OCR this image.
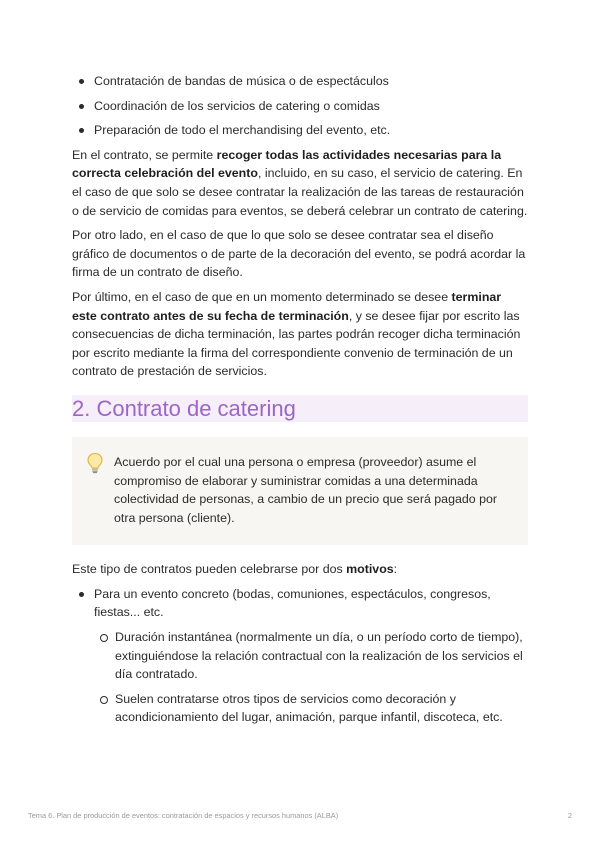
Contratación de bandas de música o de espectáculos
Coordinación de los servicios de catering o comidas
Preparación de todo el merchandising del evento, etc.

En el contrato, se permite recoger todas las actividades necesarias para la correcta celebración del evento, incluido, en su caso, el servicio de catering. En el caso de que solo se desee contratar la realización de las tareas de restauración o de servicio de comidas para eventos, se deberá celebrar un contrato de catering.

Por otro lado, en el caso de que lo que solo se desee contratar sea el diseño gráfico de documentos o de parte de la decoración del evento, se podrá acordar la firma de un contrato de diseño.

Por último, en el caso de que en un momento determinado se desee terminar este contrato antes de su fecha de terminación, y se desee fijar por escrito las consecuencias de dicha terminación, las partes podrán recoger dicha terminación por escrito mediante la firma del correspondiente convenio de terminación de un contrato de prestación de servicios.

2. Contrato de catering

Acuerdo por el cual una persona o empresa (proveedor) asume el compromiso de elaborar y suministrar comidas a una determinada colectividad de personas, a cambio de un precio que será pagado por otra persona (cliente).

Este tipo de contratos pueden celebrarse por dos motivos:

Para un evento concreto (bodas, comuniones, espectáculos, congresos, fiestas... etc.
Duración instantánea (normalmente un día, o un período corto de tiempo), extinguiéndose la relación contractual con la realización de los servicios el día contratado.
Suelen contratarse otros tipos de servicios como decoración y acondicionamiento del lugar, animación, parque infantil, discoteca, etc.
Tema 6. Plan de producción de eventos: contratación de espacios y recursos humanos (ALBA)	2
